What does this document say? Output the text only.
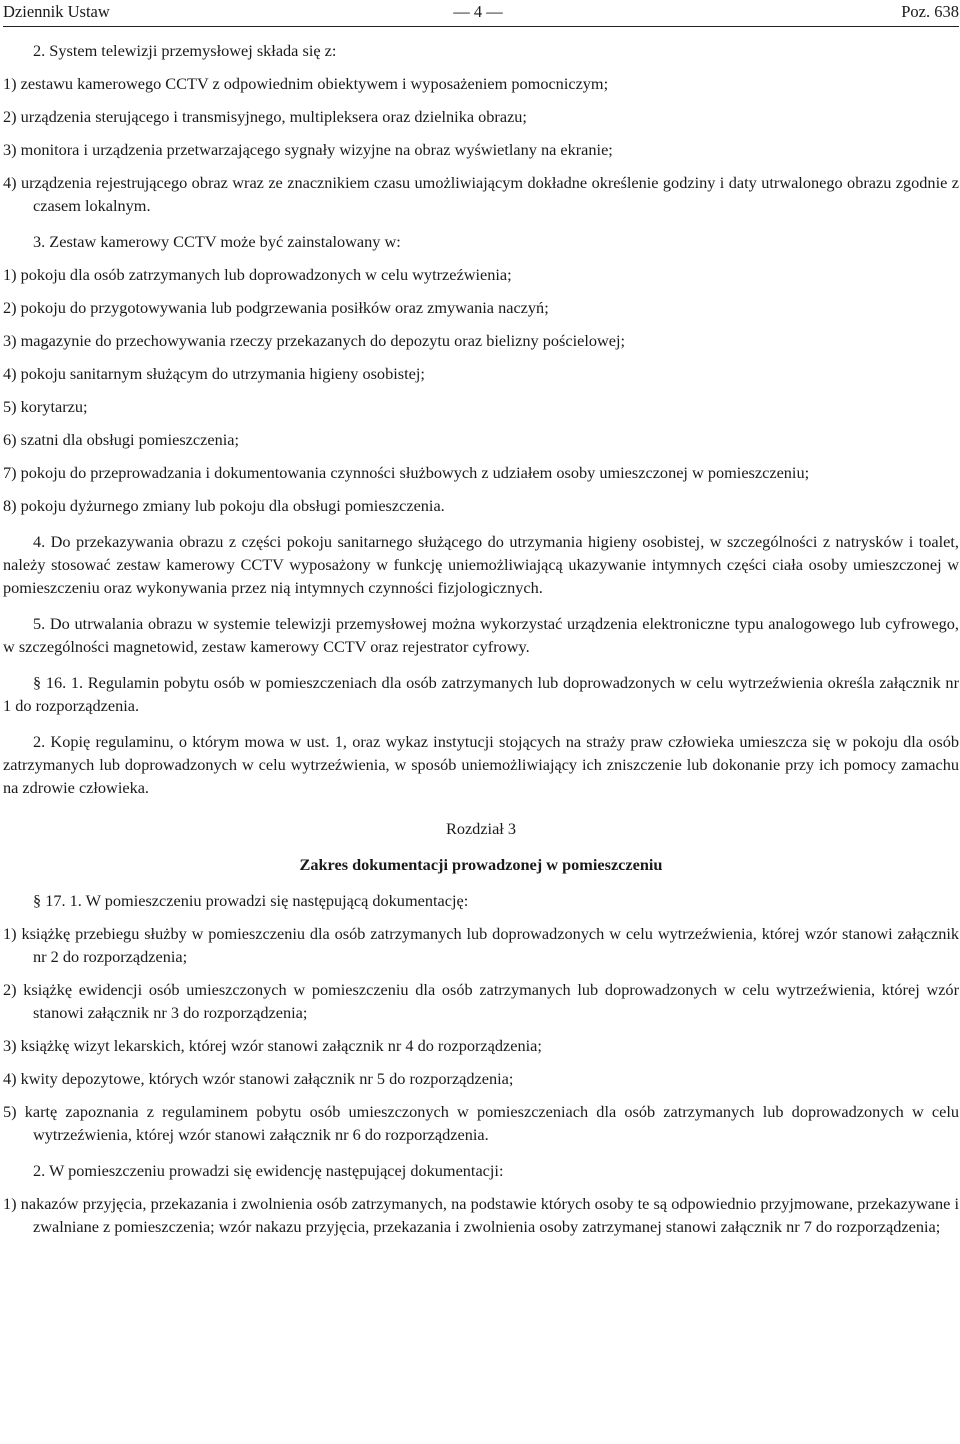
Dziennik Ustaw	— 4 —	Poz. 638

2. System telewizji przemysłowej składa się z:

1) zestawu kamerowego CCTV z odpowiednim obiektywem i wyposażeniem pomocniczym;

2) urządzenia sterującego i transmisyjnego, multipleksera oraz dzielnika obrazu;

3) monitora i urządzenia przetwarzającego sygnały wizyjne na obraz wyświetlany na ekranie;

4) urządzenia rejestrującego obraz wraz ze znacznikiem czasu umożliwiającym dokładne określenie godziny i daty utrwalonego obrazu zgodnie z czasem lokalnym.

3. Zestaw kamerowy CCTV może być zainstalowany w:

1) pokoju dla osób zatrzymanych lub doprowadzonych w celu wytrzeźwienia;

2) pokoju do przygotowywania lub podgrzewania posiłków oraz zmywania naczyń;

3) magazynie do przechowywania rzeczy przekazanych do depozytu oraz bielizny pościelowej;

4) pokoju sanitarnym służącym do utrzymania higieny osobistej;

5) korytarzu;

6) szatni dla obsługi pomieszczenia;

7) pokoju do przeprowadzania i dokumentowania czynności służbowych z udziałem osoby umieszczonej w pomieszczeniu;

8) pokoju dyżurnego zmiany lub pokoju dla obsługi pomieszczenia.

4. Do przekazywania obrazu z części pokoju sanitarnego służącego do utrzymania higieny osobistej, w szczególności z natrysków i toalet, należy stosować zestaw kamerowy CCTV wyposażony w funkcję uniemożliwiającą ukazywanie intymnych części ciała osoby umieszczonej w pomieszczeniu oraz wykonywania przez nią intymnych czynności fizjologicznych.

5. Do utrwalania obrazu w systemie telewizji przemysłowej można wykorzystać urządzenia elektroniczne typu analogowego lub cyfrowego, w szczególności magnetowid, zestaw kamerowy CCTV oraz rejestrator cyfrowy.

§ 16. 1. Regulamin pobytu osób w pomieszczeniach dla osób zatrzymanych lub doprowadzonych w celu wytrzeźwienia określa załącznik nr 1 do rozporządzenia.

2. Kopię regulaminu, o którym mowa w ust. 1, oraz wykaz instytucji stojących na straży praw człowieka umieszcza się w pokoju dla osób zatrzymanych lub doprowadzonych w celu wytrzeźwienia, w sposób uniemożliwiający ich zniszczenie lub dokonanie przy ich pomocy zamachu na zdrowie człowieka.

Rozdział 3

Zakres dokumentacji prowadzonej w pomieszczeniu

§ 17. 1. W pomieszczeniu prowadzi się następującą dokumentację:

1) książkę przebiegu służby w pomieszczeniu dla osób zatrzymanych lub doprowadzonych w celu wytrzeźwienia, której wzór stanowi załącznik nr 2 do rozporządzenia;

2) książkę ewidencji osób umieszczonych w pomieszczeniu dla osób zatrzymanych lub doprowadzonych w celu wytrzeźwienia, której wzór stanowi załącznik nr 3 do rozporządzenia;

3) książkę wizyt lekarskich, której wzór stanowi załącznik nr 4 do rozporządzenia;

4) kwity depozytowe, których wzór stanowi załącznik nr 5 do rozporządzenia;

5) kartę zapoznania z regulaminem pobytu osób umieszczonych w pomieszczeniach dla osób zatrzymanych lub doprowadzonych w celu wytrzeźwienia, której wzór stanowi załącznik nr 6 do rozporządzenia.

2. W pomieszczeniu prowadzi się ewidencję następującej dokumentacji:

1) nakazów przyjęcia, przekazania i zwolnienia osób zatrzymanych, na podstawie których osoby te są odpowiednio przyjmowane, przekazywane i zwalniane z pomieszczenia; wzór nakazu przyjęcia, przekazania i zwolnienia osoby zatrzymanej stanowi załącznik nr 7 do rozporządzenia;
